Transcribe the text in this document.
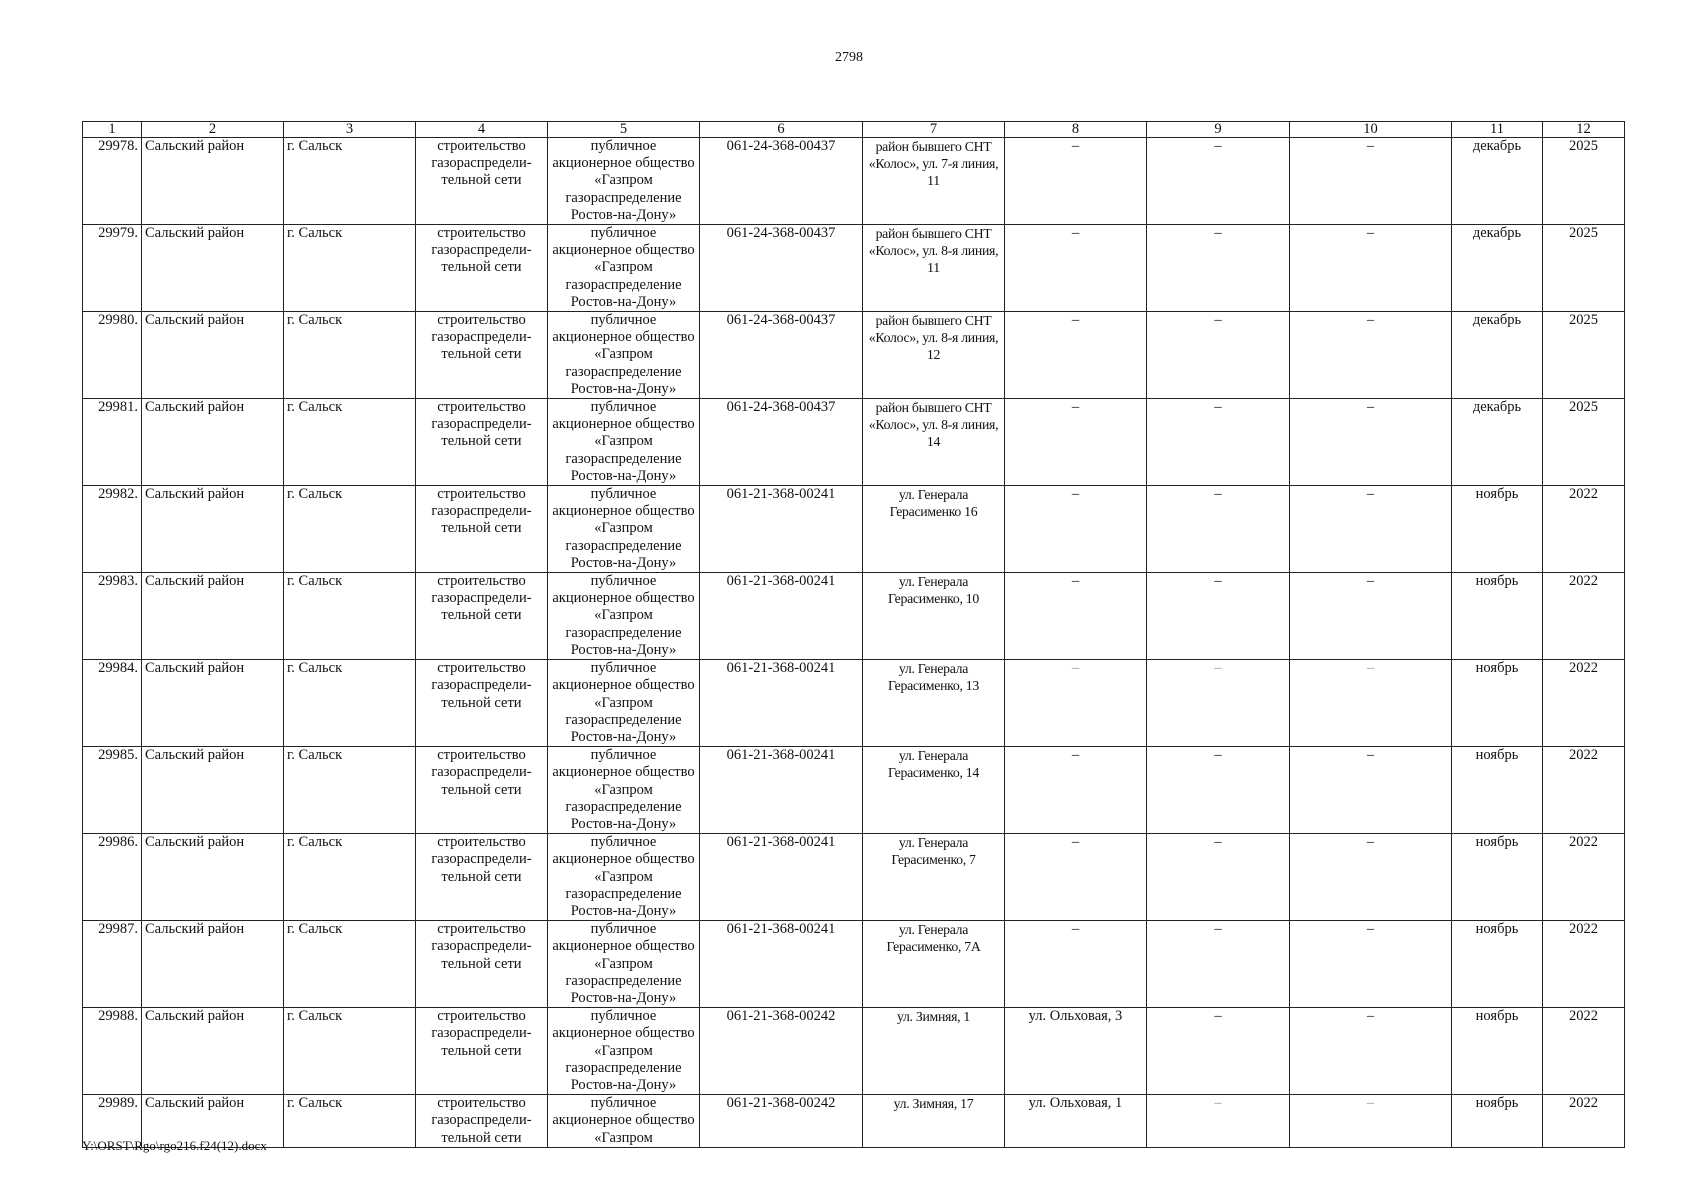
2798
1	2	3	4	5	6	7	8	9	10	11	12
29978.	Сальский район	г. Сальск	строительство газораспредели-тельной сети	публичное акционерное общество «Газпром газораспределение Ростов-на-Дону»	061-24-368-00437	район бывшего СНТ «Колос», ул. 7-я линия, 11	–	–	–	декабрь	2025
29979.	Сальский район	г. Сальск	строительство газораспредели-тельной сети	публичное акционерное общество «Газпром газораспределение Ростов-на-Дону»	061-24-368-00437	район бывшего СНТ «Колос», ул. 8-я линия, 11	–	–	–	декабрь	2025
29980.	Сальский район	г. Сальск	строительство газораспредели-тельной сети	публичное акционерное общество «Газпром газораспределение Ростов-на-Дону»	061-24-368-00437	район бывшего СНТ «Колос», ул. 8-я линия, 12	–	–	–	декабрь	2025
29981.	Сальский район	г. Сальск	строительство газораспредели-тельной сети	публичное акционерное общество «Газпром газораспределение Ростов-на-Дону»	061-24-368-00437	район бывшего СНТ «Колос», ул. 8-я линия, 14	–	–	–	декабрь	2025
29982.	Сальский район	г. Сальск	строительство газораспредели-тельной сети	публичное акционерное общество «Газпром газораспределение Ростов-на-Дону»	061-21-368-00241	ул. Генерала Герасименко 16	–	–	–	ноябрь	2022
29983.	Сальский район	г. Сальск	строительство газораспредели-тельной сети	публичное акционерное общество «Газпром газораспределение Ростов-на-Дону»	061-21-368-00241	ул. Генерала Герасименко, 10	–	–	–	ноябрь	2022
29984.	Сальский район	г. Сальск	строительство газораспредели-тельной сети	публичное акционерное общество «Газпром газораспределение Ростов-на-Дону»	061-21-368-00241	ул. Генерала Герасименко, 13	–	–	–	ноябрь	2022
29985.	Сальский район	г. Сальск	строительство газораспредели-тельной сети	публичное акционерное общество «Газпром газораспределение Ростов-на-Дону»	061-21-368-00241	ул. Генерала Герасименко, 14	–	–	–	ноябрь	2022
29986.	Сальский район	г. Сальск	строительство газораспредели-тельной сети	публичное акционерное общество «Газпром газораспределение Ростов-на-Дону»	061-21-368-00241	ул. Генерала Герасименко, 7	–	–	–	ноябрь	2022
29987.	Сальский район	г. Сальск	строительство газораспредели-тельной сети	публичное акционерное общество «Газпром газораспределение Ростов-на-Дону»	061-21-368-00241	ул. Генерала Герасименко, 7А	–	–	–	ноябрь	2022
29988.	Сальский район	г. Сальск	строительство газораспредели-тельной сети	публичное акционерное общество «Газпром газораспределение Ростов-на-Дону»	061-21-368-00242	ул. Зимняя, 1	ул. Ольховая, 3	–	–	ноябрь	2022
29989.	Сальский район	г. Сальск	строительство газораспредели-тельной сети	публичное акционерное общество «Газпром	061-21-368-00242	ул. Зимняя, 17	ул. Ольховая, 1	–	–	ноябрь	2022
Y:\ORST\Rgo\rgo216.f24(12).docx
